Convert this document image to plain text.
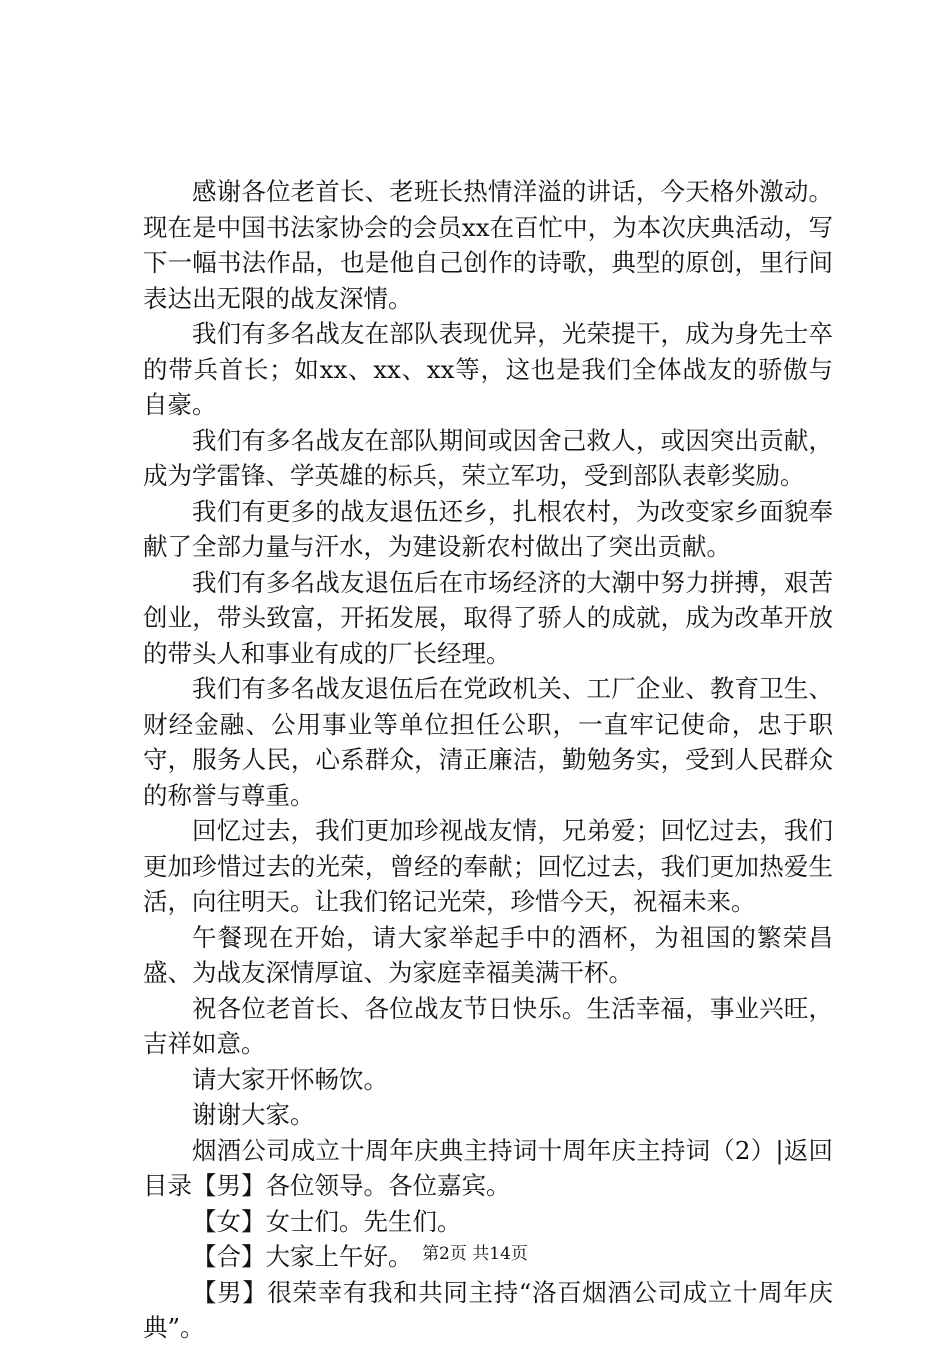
感谢各位老首长、老班长热情洋溢的讲话，今天格外激动。现在是中国书法家协会的会员xx在百忙中，为本次庆典活动，写下一幅书法作品，也是他自己创作的诗歌，典型的原创，里行间表达出无限的战友深情。

我们有多名战友在部队表现优异，光荣提干，成为身先士卒的带兵首长；如xx、xx、xx等，这也是我们全体战友的骄傲与自豪。

我们有多名战友在部队期间或因舍己救人，或因突出贡献，成为学雷锋、学英雄的标兵，荣立军功，受到部队表彰奖励。

我们有更多的战友退伍还乡，扎根农村，为改变家乡面貌奉献了全部力量与汗水，为建设新农村做出了突出贡献。

我们有多名战友退伍后在市场经济的大潮中努力拼搏，艰苦创业，带头致富，开拓发展，取得了骄人的成就，成为改革开放的带头人和事业有成的厂长经理。

我们有多名战友退伍后在党政机关、工厂企业、教育卫生、财经金融、公用事业等单位担任公职，一直牢记使命，忠于职守，服务人民，心系群众，清正廉洁，勤勉务实，受到人民群众的称誉与尊重。

回忆过去，我们更加珍视战友情，兄弟爱；回忆过去，我们更加珍惜过去的光荣，曾经的奉献；回忆过去，我们更加热爱生活，向往明天。让我们铭记光荣，珍惜今天，祝福未来。

午餐现在开始，请大家举起手中的酒杯，为祖国的繁荣昌盛、为战友深情厚谊、为家庭幸福美满干杯。

祝各位老首长、各位战友节日快乐。生活幸福，事业兴旺，吉祥如意。

请大家开怀畅饮。

谢谢大家。

烟酒公司成立十周年庆典主持词十周年庆主持词（2）|返回目录【男】各位领导。各位嘉宾。

【女】女士们。先生们。

【合】大家上午好。

【男】很荣幸有我和共同主持“洛百烟酒公司成立十周年庆典”。

第2页 共14页
